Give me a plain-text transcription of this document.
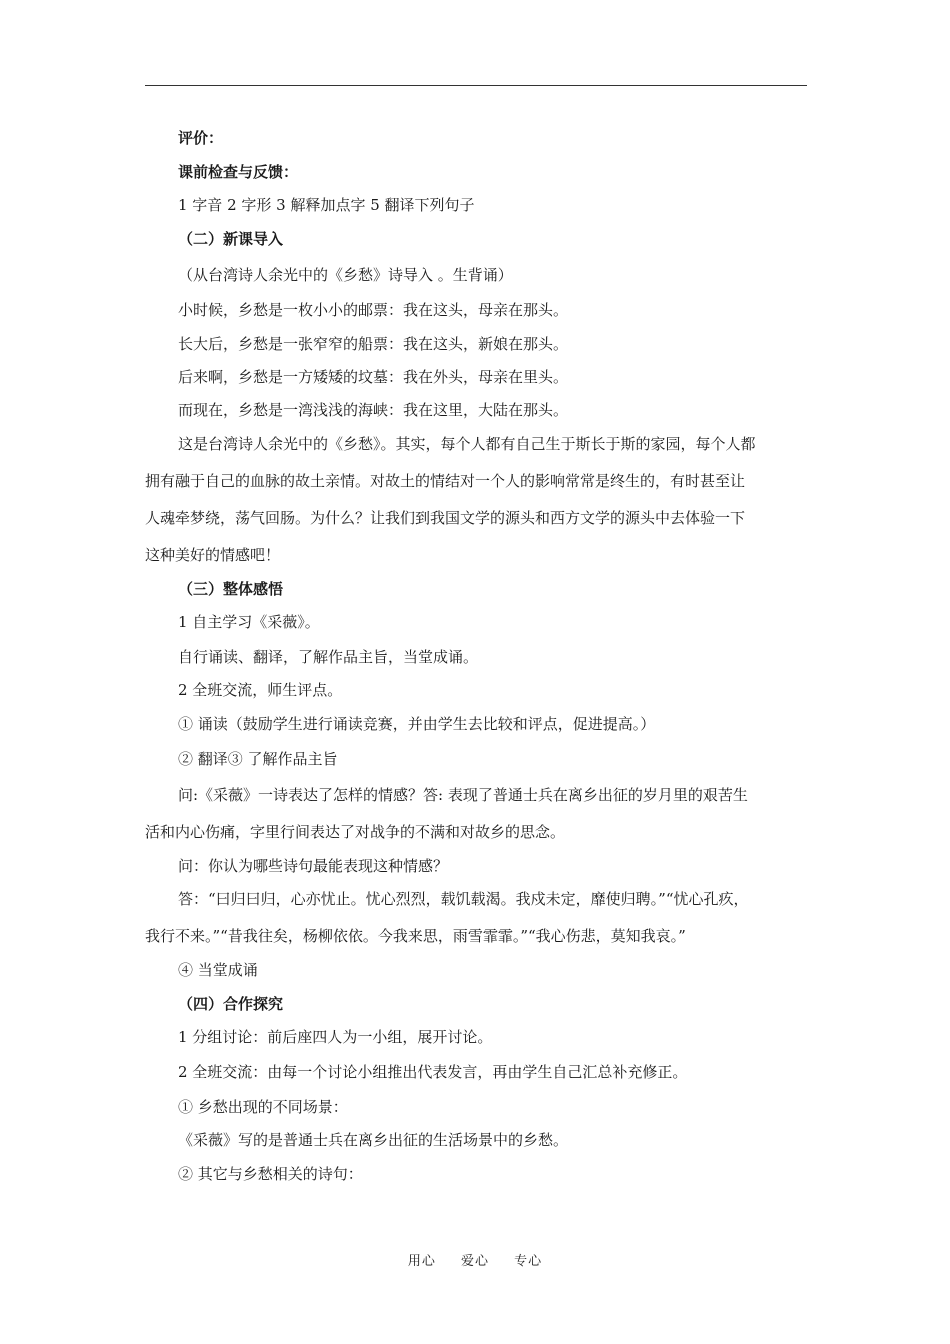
评价：
课前检查与反馈：
1 字音 2 字形 3 解释加点字 5 翻译下列句子
（二）新课导入
（从台湾诗人余光中的《乡愁》诗导入 。生背诵）
小时候，乡愁是一枚小小的邮票：我在这头，母亲在那头。
长大后，乡愁是一张窄窄的船票：我在这头，新娘在那头。
后来啊，乡愁是一方矮矮的坟墓：我在外头，母亲在里头。
而现在，乡愁是一湾浅浅的海峡：我在这里，大陆在那头。
这是台湾诗人余光中的《乡愁》。其实，每个人都有自己生于斯长于斯的家园，每个人都
拥有融于自己的血脉的故土亲情。对故土的情结对一个人的影响常常是终生的，有时甚至让
人魂牵梦绕，荡气回肠。为什么？让我们到我国文学的源头和西方文学的源头中去体验一下
这种美好的情感吧！
（三）整体感悟
1 自主学习《采薇》。
自行诵读、翻译，了解作品主旨，当堂成诵。
2 全班交流，师生评点。
① 诵读（鼓励学生进行诵读竞赛，并由学生去比较和评点，促进提高。）
② 翻译③ 了解作品主旨
问:《采薇》一诗表达了怎样的情感？答: 表现了普通士兵在离乡出征的岁月里的艰苦生
活和内心伤痛，字里行间表达了对战争的不满和对故乡的思念。
问：你认为哪些诗句最能表现这种情感？
答：“曰归曰归，心亦忧止。忧心烈烈，载饥载渴。我戍未定，靡使归聘。”“忧心孔疚，
我行不来。”“昔我往矣，杨柳依依。今我来思，雨雪霏霏。”“我心伤悲，莫知我哀。”
④ 当堂成诵
（四）合作探究
1 分组讨论：前后座四人为一小组，展开讨论。
2 全班交流：由每一个讨论小组推出代表发言，再由学生自己汇总补充修正。
① 乡愁出现的不同场景：
《采薇》写的是普通士兵在离乡出征的生活场景中的乡愁。
② 其它与乡愁相关的诗句：
用心 爱心 专心
